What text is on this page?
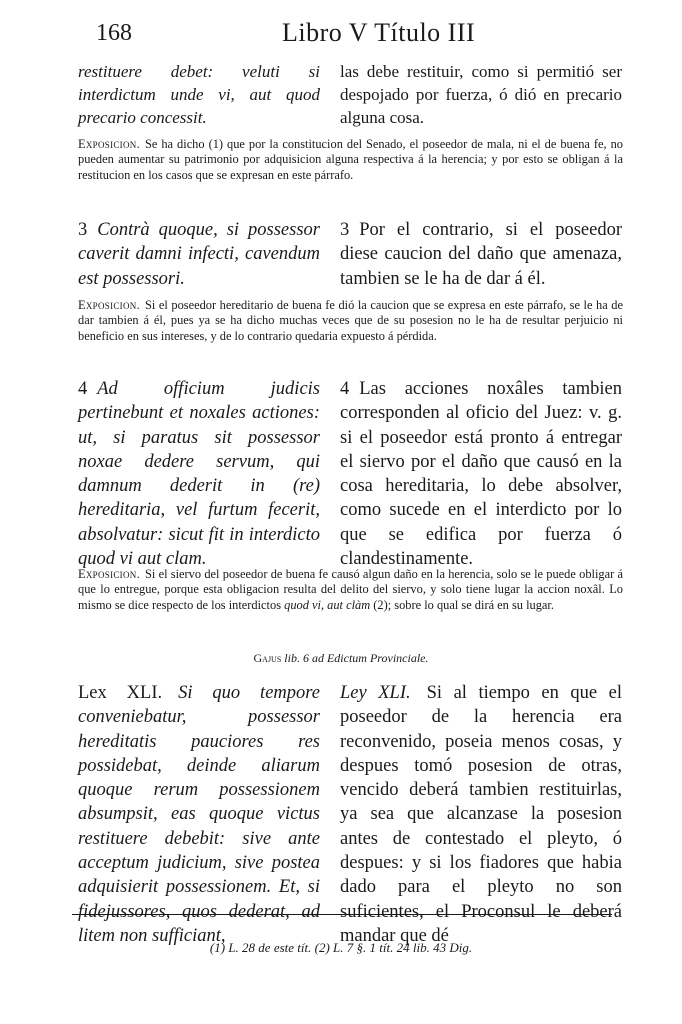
168	Libro V Título III
restituere debet: veluti si interdictum unde vi, aut quod precario concessit.
las debe restituir, como si permitió ser despojado por fuerza, ó dió en precario alguna cosa.
Exposicion. Se ha dicho (1) que por la constitucion del Senado, el poseedor de mala, ni el de buena fe, no pueden aumentar su patrimonio por adquisicion alguna respectiva á la herencia; y por esto se obligan á la restitucion en los casos que se expresan en este párrafo.
3 Contrà quoque, si possessor caverit damni infecti, cavendum est possessori.
3 Por el contrario, si el poseedor diese caucion del daño que amenaza, tambien se le ha de dar á él.
Exposicion. Si el poseedor hereditario de buena fe dió la caucion que se expresa en este párrafo, se le ha de dar tambien á él, pues ya se ha dicho muchas veces que de su posesion no le ha de resultar perjuicio ni beneficio en sus intereses, y de lo contrario quedaria expuesto á pérdida.
4 Ad officium judicis pertinebunt et noxales actiones: ut, si paratus sit possessor noxae dedere servum, qui damnum dederit in (re) hereditaria, vel furtum fecerit, absolvatur: sicut fit in interdicto quod vi aut clam.
4 Las acciones noxâles tambien corresponden al oficio del Juez: v. g. si el poseedor está pronto á entregar el siervo por el daño que causó en la cosa hereditaria, lo debe absolver, como sucede en el interdicto por lo que se edifica por fuerza ó clandestinamente.
Exposicion. Si el siervo del poseedor de buena fe causó algun daño en la herencia, solo se le puede obligar á que lo entregue, porque esta obligacion resulta del delito del siervo, y solo tiene lugar la accion noxâl. Lo mismo se dice respecto de los interdictos quod vi, aut clàm (2); sobre lo qual se dirá en su lugar.
Gajus lib. 6 ad Edictum Provinciale.
Lex XLI. Si quo tempore conveniebatur, possessor hereditatis pauciores res possidebat, deinde aliarum quoque rerum possessionem absumpsit, eas quoque victus restituere debebit: sive ante acceptum judicium, sive postea adquisierit possessionem. Et, si fidejussores, quos dederat, ad litem non sufficiant,
Ley XLI. Si al tiempo en que el poseedor de la herencia era reconvenido, poseia menos cosas, y despues tomó posesion de otras, vencido deberá tambien restituirlas, ya sea que alcanzase la posesion antes de contestado el pleyto, ó despues: y si los fiadores que habia dado para el pleyto no son suficientes, el Proconsul le deberá mandar que dé
(1) L. 28 de este tít. (2) L. 7 §. 1 tít. 24 lib. 43 Dig.
